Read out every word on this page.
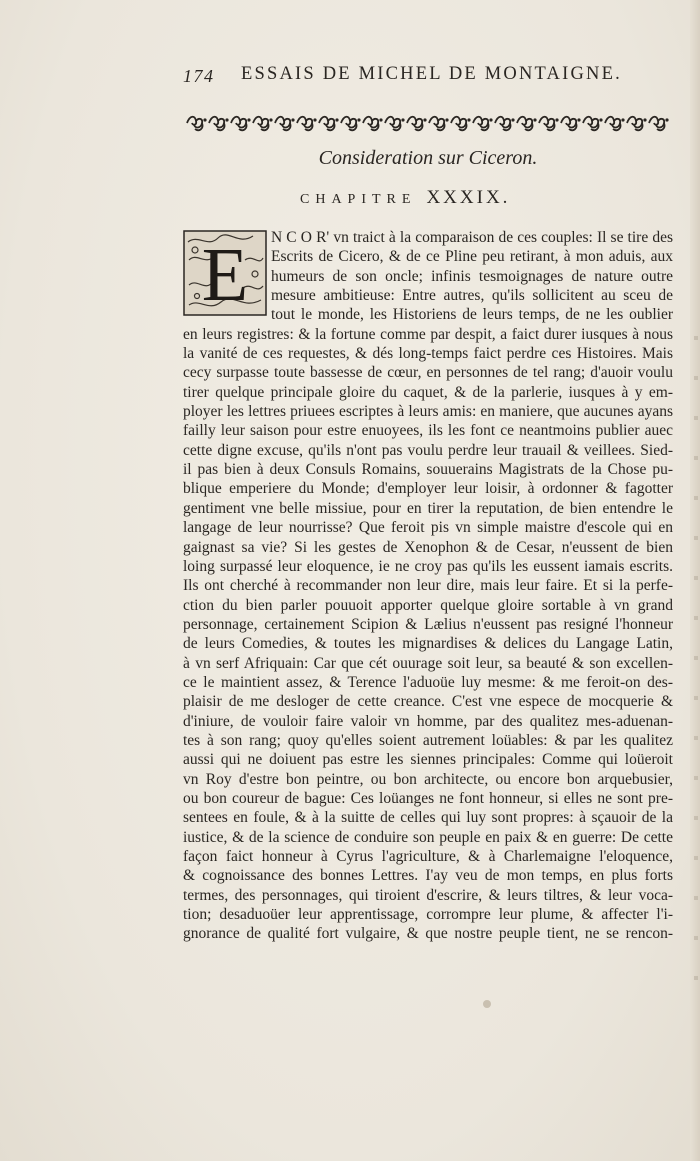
174 ESSAIS DE MICHEL DE MONTAIGNE.
Consideration sur Ciceron.
CHAPITRE XXXIX.
E	N C O R' vn traict à la comparaison de ces couples: Il se tire des
Escrits de Cicero, & de ce Pline peu retirant, à mon aduis, aux
humeurs de son oncle; infinis tesmoignages de nature outre
mesure ambitieuse: Entre autres, qu'ils sollicitent au sceu de
tout le monde, les Historiens de leurs temps, de ne les oublier
en leurs registres: & la fortune comme par despit, a faict durer iusques à nous
la vanité de ces requestes, & dés long-temps faict perdre ces Histoires. Mais
cecy surpasse toute bassesse de cœur, en personnes de tel rang; d'auoir voulu
tirer quelque principale gloire du caquet, & de la parlerie, iusques à y em-
ployer les lettres priuees escriptes à leurs amis: en maniere, que aucunes ayans
failly leur saison pour estre enuoyees, ils les font ce neantmoins publier auec
cette digne excuse, qu'ils n'ont pas voulu perdre leur trauail & veillees. Sied-
il pas bien à deux Consuls Romains, souuerains Magistrats de la Chose pu-
blique emperiere du Monde; d'employer leur loisir, à ordonner & fagotter
gentiment vne belle missiue, pour en tirer la reputation, de bien entendre le
langage de leur nourrisse? Que feroit pis vn simple maistre d'escole qui en
gaignast sa vie? Si les gestes de Xenophon & de Cesar, n'eussent de bien
loing surpassé leur eloquence, ie ne croy pas qu'ils les eussent iamais escrits.
Ils ont cherché à recommander non leur dire, mais leur faire. Et si la perfe-
ction du bien parler pouuoit apporter quelque gloire sortable à vn grand
personnage, certainement Scipion & Lælius n'eussent pas resigné l'honneur
de leurs Comedies, & toutes les mignardises & delices du Langage Latin,
à vn serf Afriquain: Car que cét ouurage soit leur, sa beauté & son excellen-
ce le maintient assez, & Terence l'aduoüe luy mesme: & me feroit-on des-
plaisir de me desloger de cette creance. C'est vne espece de mocquerie &
d'iniure, de vouloir faire valoir vn homme, par des qualitez mes-aduenan-
tes à son rang; quoy qu'elles soient autrement loüables: & par les qualitez
aussi qui ne doiuent pas estre les siennes principales: Comme qui loüeroit
vn Roy d'estre bon peintre, ou bon architecte, ou encore bon arquebusier,
ou bon coureur de bague: Ces loüanges ne font honneur, si elles ne sont pre-
sentees en foule, & à la suitte de celles qui luy sont propres: à sçauoir de la
iustice, & de la science de conduire son peuple en paix & en guerre: De cette
façon faict honneur à Cyrus l'agriculture, & à Charlemaigne l'eloquence,
& cognoissance des bonnes Lettres. I'ay veu de mon temps, en plus forts
termes, des personnages, qui tiroient d'escrire, & leurs tiltres, & leur voca-
tion; desaduoüer leur apprentissage, corrompre leur plume, & affecter l'i-
gnorance de qualité fort vulgaire, & que nostre peuple tient, ne se rencon-
